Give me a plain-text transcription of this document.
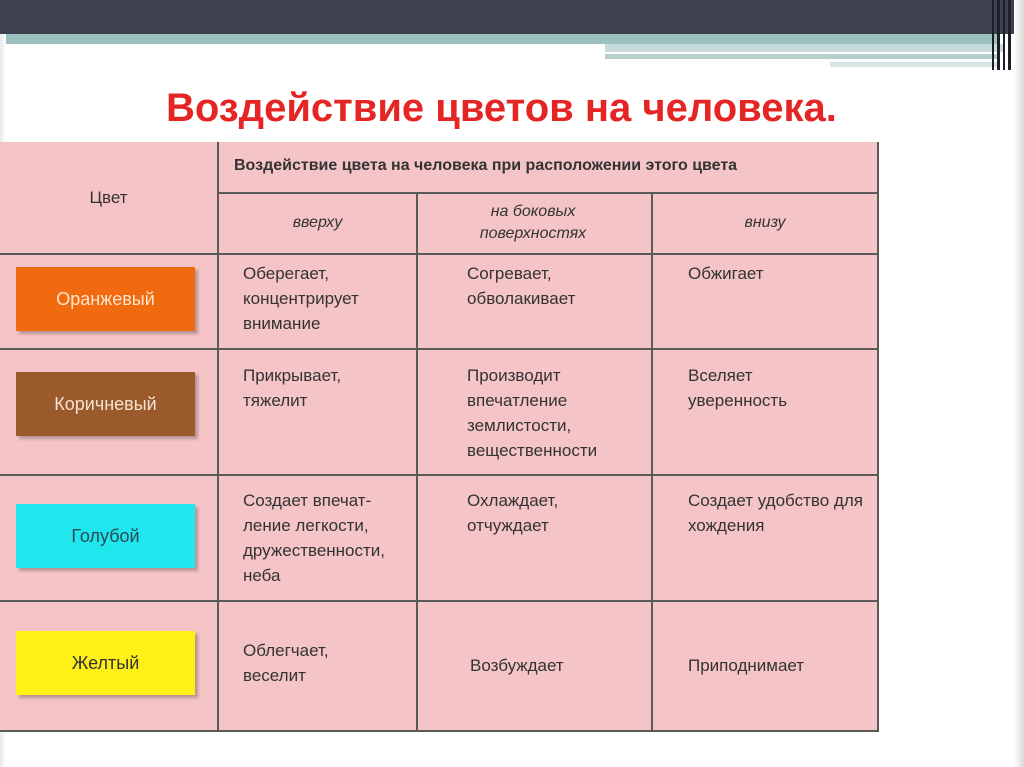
Воздействие цветов на человека.
Цвет
Воздействие цвета на человека при расположении этого цвета
вверху
на боковых поверхностях
внизу
Оранжевый
Оберегает, концентрирует внимание
Согревает, обволакивает
Обжигает
Коричневый
Прикрывает, тяжелит
Производит впечатление землистости, вещественности
Вселяет уверенность
Голубой
Создает впечат- ление легкости, дружественности, неба
Охлаждает, отчуждает
Создает удобство для хождения
Желтый
Облегчает, веселит
Возбуждает	Приподнимает
